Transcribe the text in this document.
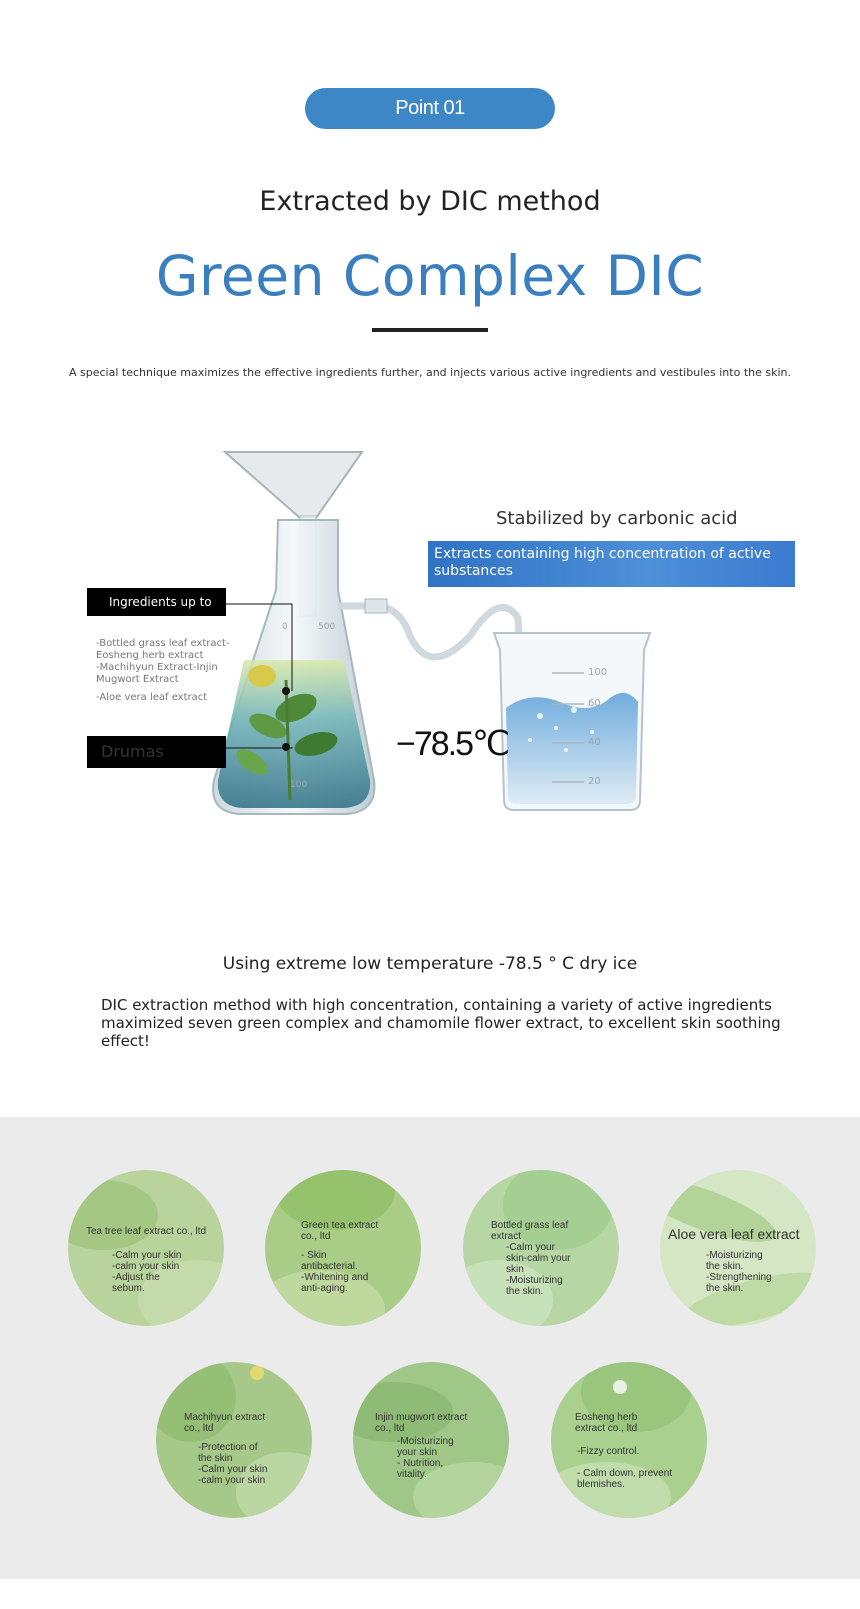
Point 01
Extracted by DIC method
Green Complex DIC
A special technique maximizes the effective ingredients further, and injects various active ingredients and vestibules into the skin.
100
60
40
20
0	500
100
Stabilized by carbonic acid
Extracts containing high concentration of active substances
Ingredients up to
-Bottled grass leaf extract-
Eosheng herb extract
-Machihyun Extract-Injin
Mugwort Extract
-Aloe vera leaf extract
Drumas	−78.5℃
Using extreme low temperature -78.5 ° C dry ice
DIC extraction method with high concentration, containing a variety of active ingredients maximized seven green complex and chamomile flower extract, to excellent skin soothing effect!
Tea tree leaf extract co., ltd
-Calm your skin
-calm your skin
-Adjust the
sebum.
Green tea extract
co., ltd
- Skin
antibacterial.
-Whitening and
anti-aging.
Bottled grass leaf
extract
-Calm your
skin-calm your
skin
-Moisturizing
the skin.
Aloe vera leaf extract
-Moisturizing
the skin.
-Strengthening
the skin.
Machihyun extract
co., ltd
-Protection of
the skin
-Calm your skin
-calm your skin
Injin mugwort extract
co., ltd
-Moisturizing
your skin
- Nutrition,
vitality.
Eosheng herb
extract co., ltd
-Fizzy control.

- Calm down, prevent
blemishes.
